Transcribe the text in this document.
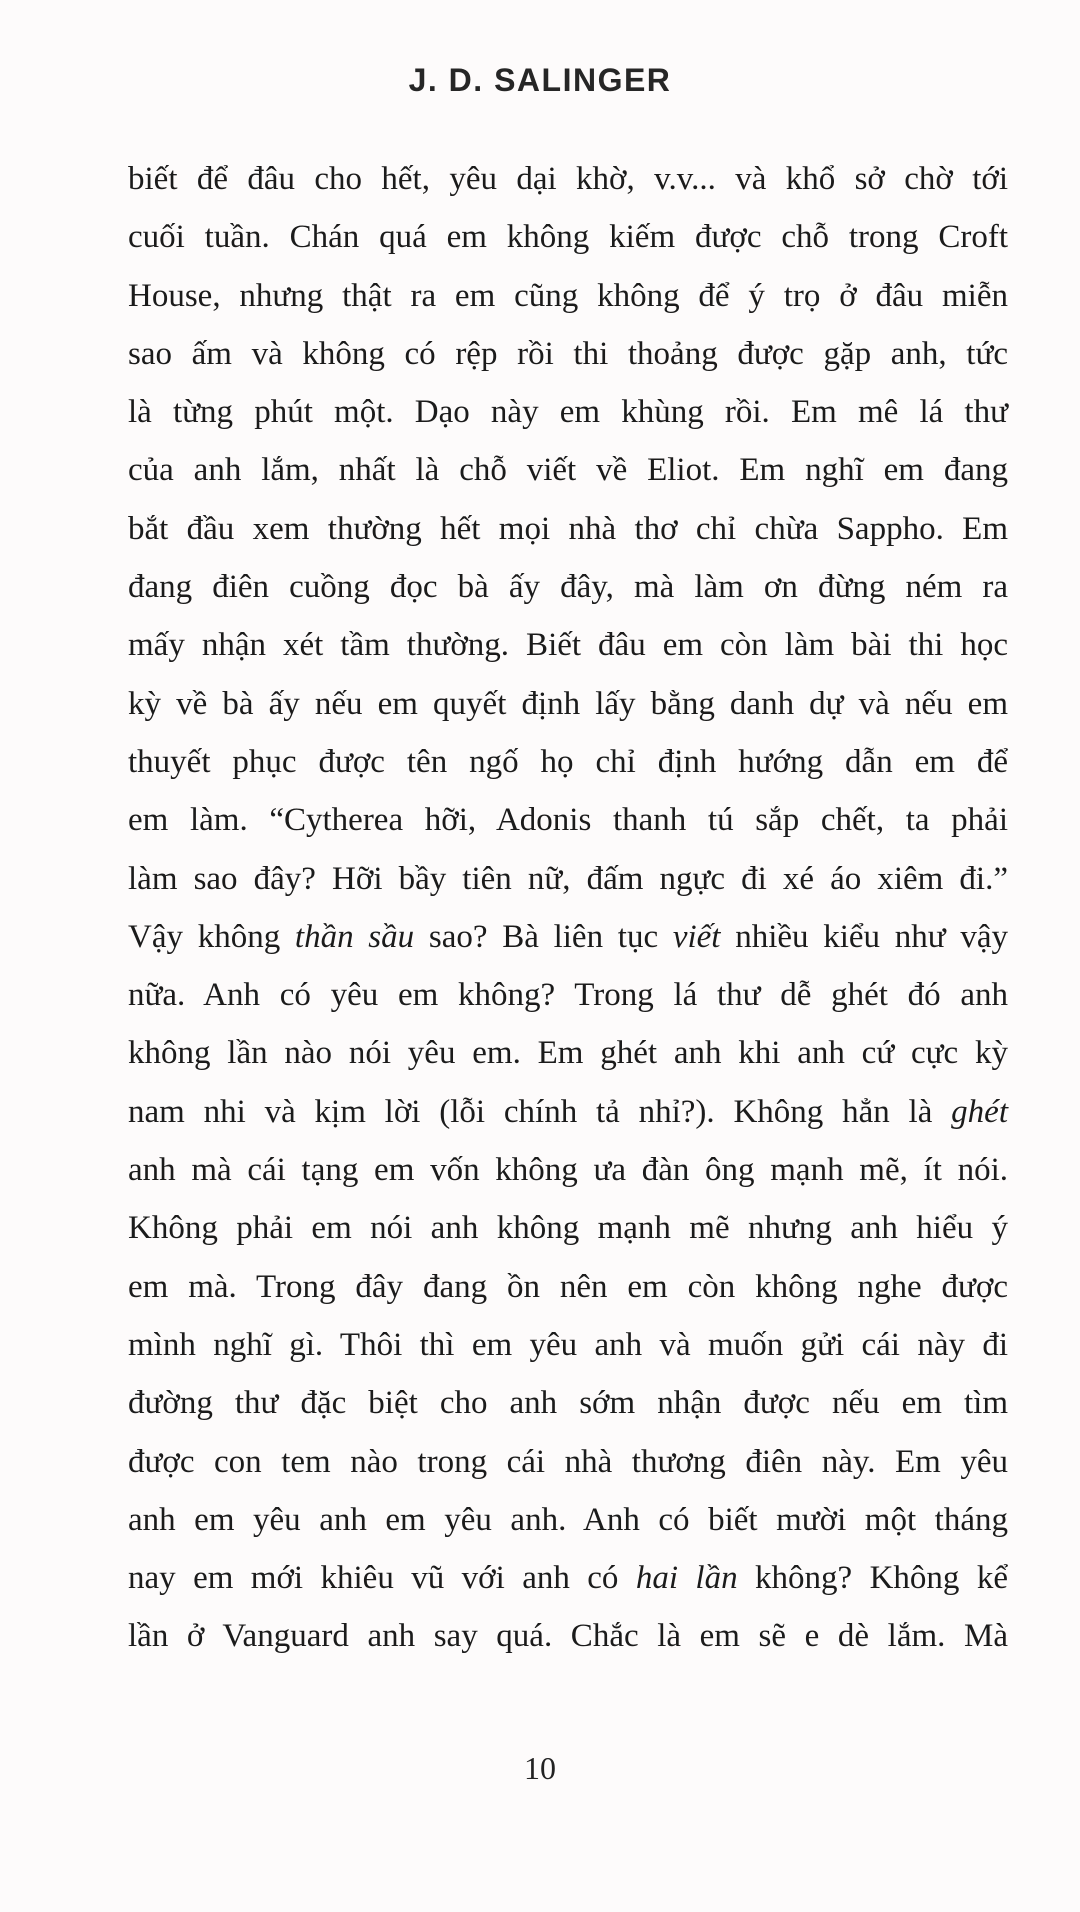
J. D. SALINGER
biết để đâu cho hết, yêu dại khờ, v.v... và khổ sở chờ tới
cuối tuần. Chán quá em không kiếm được chỗ trong Croft
House, nhưng thật ra em cũng không để ý trọ ở đâu miễn
sao ấm và không có rệp rồi thi thoảng được gặp anh, tức
là từng phút một. Dạo này em khùng rồi. Em mê lá thư
của anh lắm, nhất là chỗ viết về Eliot. Em nghĩ em đang
bắt đầu xem thường hết mọi nhà thơ chỉ chừa Sappho. Em
đang điên cuồng đọc bà ấy đây, mà làm ơn đừng ném ra
mấy nhận xét tầm thường. Biết đâu em còn làm bài thi học
kỳ về bà ấy nếu em quyết định lấy bằng danh dự và nếu em
thuyết phục được tên ngố họ chỉ định hướng dẫn em để
em làm. “Cytherea hỡi, Adonis thanh tú sắp chết, ta phải
làm sao đây? Hỡi bầy tiên nữ, đấm ngực đi xé áo xiêm đi.”
Vậy không thần sầu sao? Bà liên tục viết nhiều kiểu như vậy
nữa. Anh có yêu em không? Trong lá thư dễ ghét đó anh
không lần nào nói yêu em. Em ghét anh khi anh cứ cực kỳ
nam nhi và kịm lời (lỗi chính tả nhỉ?). Không hẳn là ghét
anh mà cái tạng em vốn không ưa đàn ông mạnh mẽ, ít nói.
Không phải em nói anh không mạnh mẽ nhưng anh hiểu ý
em mà. Trong đây đang ồn nên em còn không nghe được
mình nghĩ gì. Thôi thì em yêu anh và muốn gửi cái này đi
đường thư đặc biệt cho anh sớm nhận được nếu em tìm
được con tem nào trong cái nhà thương điên này. Em yêu
anh em yêu anh em yêu anh. Anh có biết mười một tháng
nay em mới khiêu vũ với anh có hai lần không? Không kể
lần ở Vanguard anh say quá. Chắc là em sẽ e dè lắm. Mà
10
